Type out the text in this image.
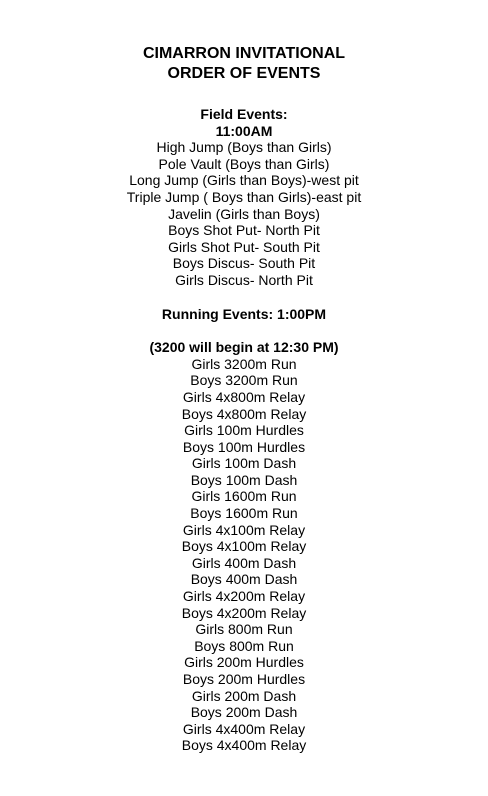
CIMARRON INVITATIONAL
ORDER OF EVENTS
Field Events:
11:00AM
High Jump (Boys than Girls)
Pole Vault (Boys than Girls)
Long Jump (Girls than Boys)-west pit
Triple Jump ( Boys than Girls)-east pit
Javelin (Girls than Boys)
Boys Shot Put- North Pit
Girls Shot Put- South Pit
Boys Discus- South Pit
Girls Discus- North Pit
Running Events: 1:00PM
(3200 will begin at 12:30 PM)
Girls 3200m Run
Boys 3200m Run
Girls 4x800m Relay
Boys 4x800m Relay
Girls 100m Hurdles
Boys 100m Hurdles
Girls 100m Dash
Boys 100m Dash
Girls 1600m Run
Boys 1600m Run
Girls 4x100m Relay
Boys 4x100m Relay
Girls 400m Dash
Boys 400m Dash
Girls 4x200m Relay
Boys 4x200m Relay
Girls 800m Run
Boys 800m Run
Girls 200m Hurdles
Boys 200m Hurdles
Girls 200m Dash
Boys 200m Dash
Girls 4x400m Relay
Boys 4x400m Relay
